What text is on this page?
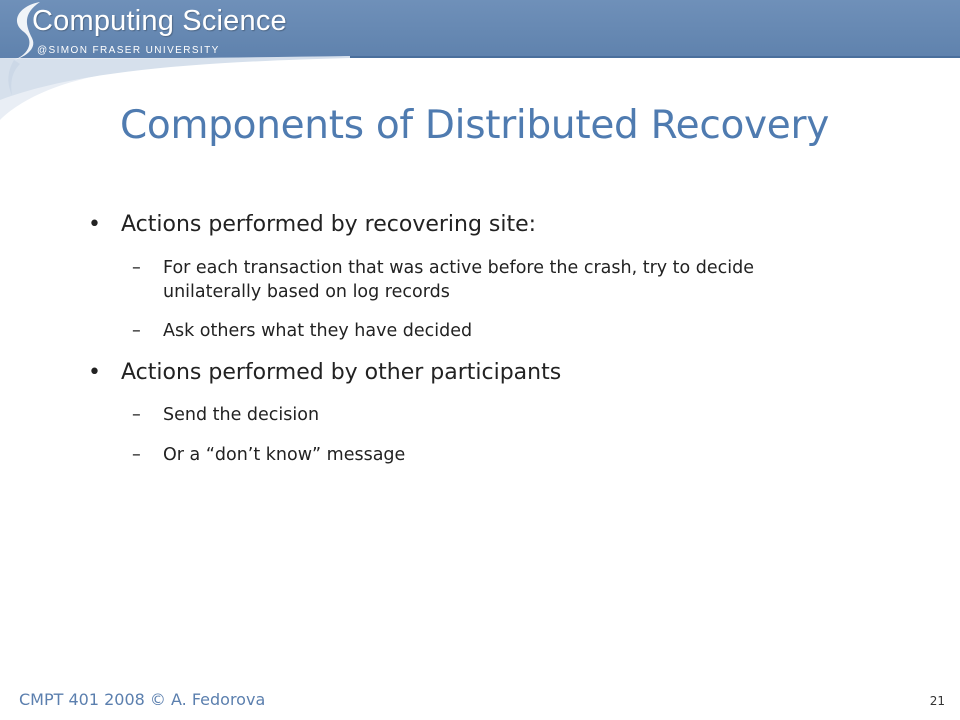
Computing Science
@SIMON FRASER UNIVERSITY
Components of Distributed Recovery
• Actions performed by recovering site:
– For each transaction that was active before the crash, try to decide unilaterally based on log records
– Ask others what they have decided
• Actions performed by other participants
– Send the decision
– Or a “don’t know” message
CMPT 401 2008 © A. Fedorova	21
